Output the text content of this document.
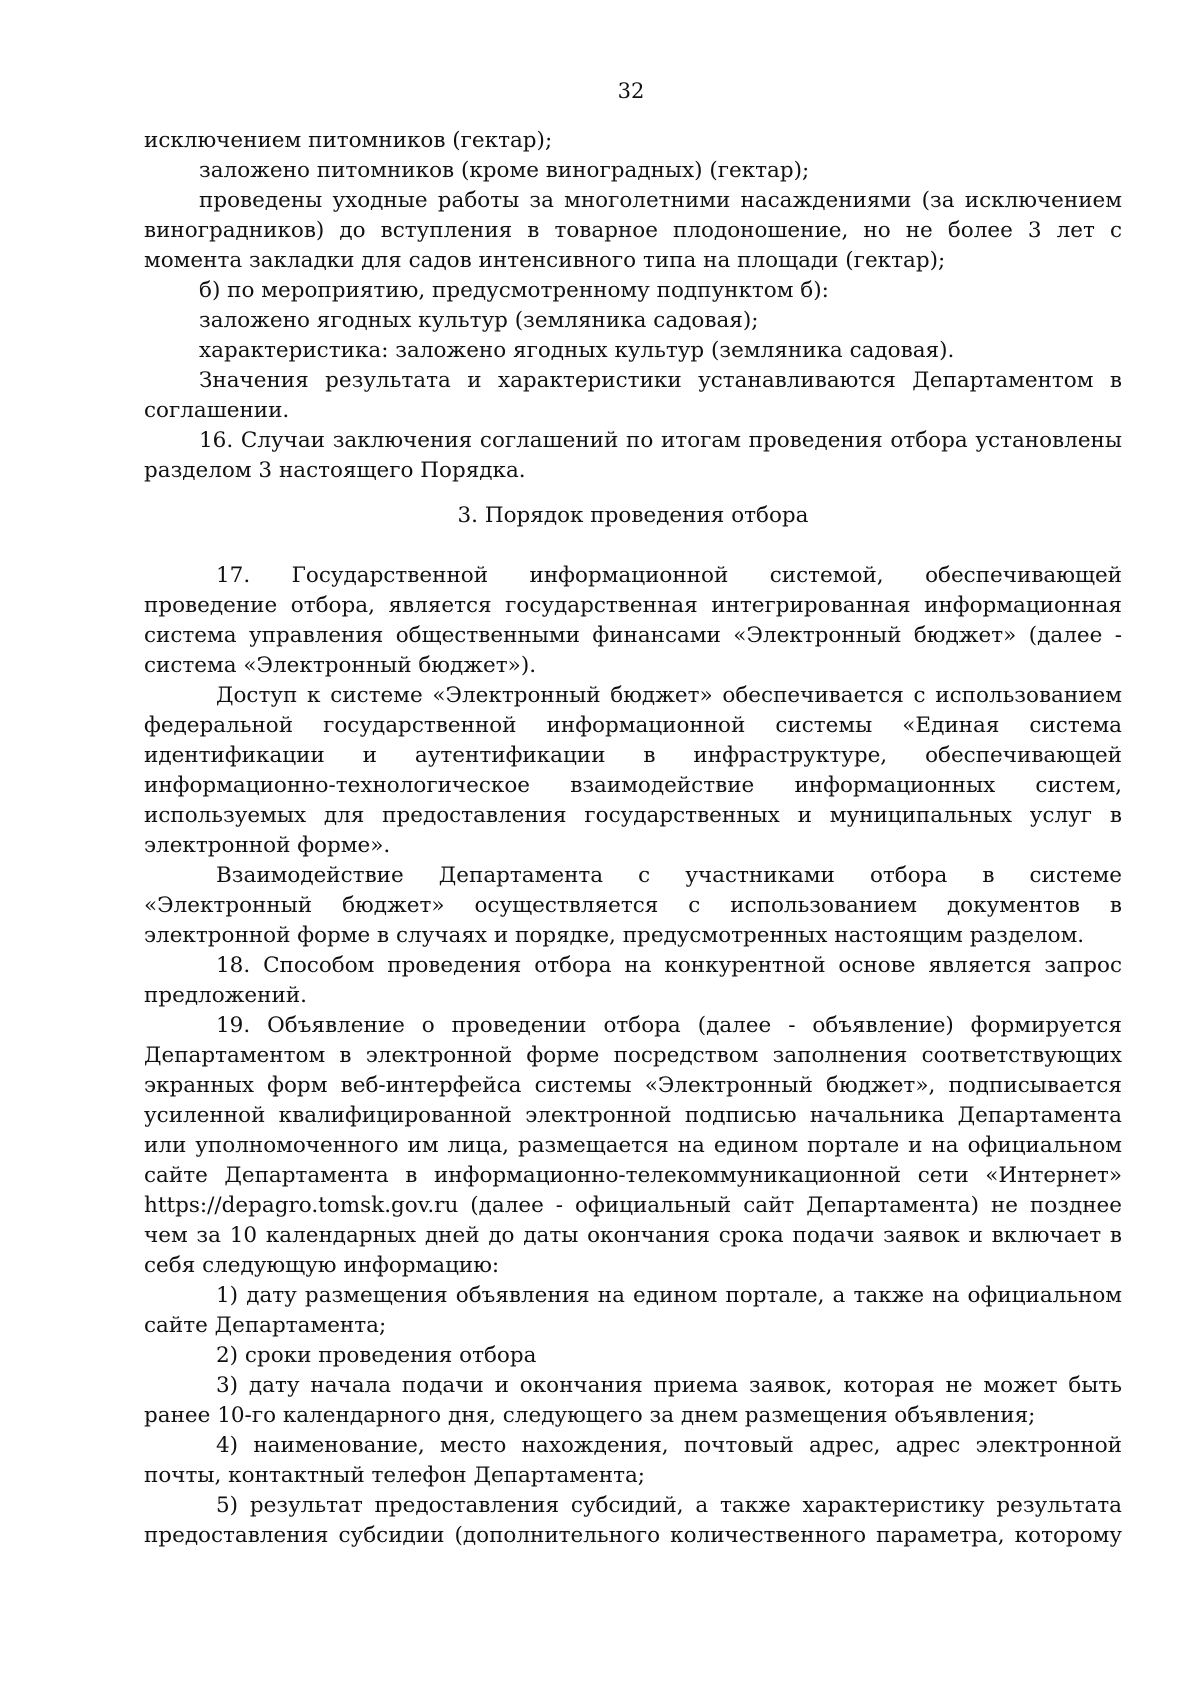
32

исключением питомников (гектар);

заложено питомников (кроме виноградных) (гектар);

проведены уходные работы за многолетними насаждениями (за исключением виноградников) до вступления в товарное плодоношение, но не более 3 лет с момента закладки для садов интенсивного типа на площади (гектар);

б) по мероприятию, предусмотренному подпунктом б):

заложено ягодных культур (земляника садовая);

характеристика: заложено ягодных культур (земляника садовая).

Значения результата и характеристики устанавливаются Департаментом в соглашении.

16. Случаи заключения соглашений по итогам проведения отбора установлены разделом 3 настоящего Порядка.

3. Порядок проведения отбора

17. Государственной информационной системой, обеспечивающей проведение отбора, является государственная интегрированная информационная система управления общественными финансами «Электронный бюджет» (далее - система «Электронный бюджет»).

Доступ к системе «Электронный бюджет» обеспечивается с использованием федеральной государственной информационной системы «Единая система идентификации и аутентификации в инфраструктуре, обеспечивающей информационно-технологическое взаимодействие информационных систем, используемых для предоставления государственных и муниципальных услуг в электронной форме».

Взаимодействие Департамента с участниками отбора в системе «Электронный бюджет» осуществляется с использованием документов в электронной форме в случаях и порядке, предусмотренных настоящим разделом.

18. Способом проведения отбора на конкурентной основе является запрос предложений.

19. Объявление о проведении отбора (далее - объявление) формируется Департаментом в электронной форме посредством заполнения соответствующих экранных форм веб-интерфейса системы «Электронный бюджет», подписывается усиленной квалифицированной электронной подписью начальника Департамента или уполномоченного им лица, размещается на едином портале и на официальном сайте Департамента в информационно-телекоммуникационной сети «Интернет» https://depagro.tomsk.gov.ru (далее - официальный сайт Департамента) не позднее чем за 10 календарных дней до даты окончания срока подачи заявок и включает в себя следующую информацию:

1) дату размещения объявления на едином портале, а также на официальном сайте Департамента;

2) сроки проведения отбора

3) дату начала подачи и окончания приема заявок, которая не может быть ранее 10-го календарного дня, следующего за днем размещения объявления;

4) наименование, место нахождения, почтовый адрес, адрес электронной почты, контактный телефон Департамента;

5) результат предоставления субсидий, а также характеристику результата предоставления субсидии (дополнительного количественного параметра, которому
